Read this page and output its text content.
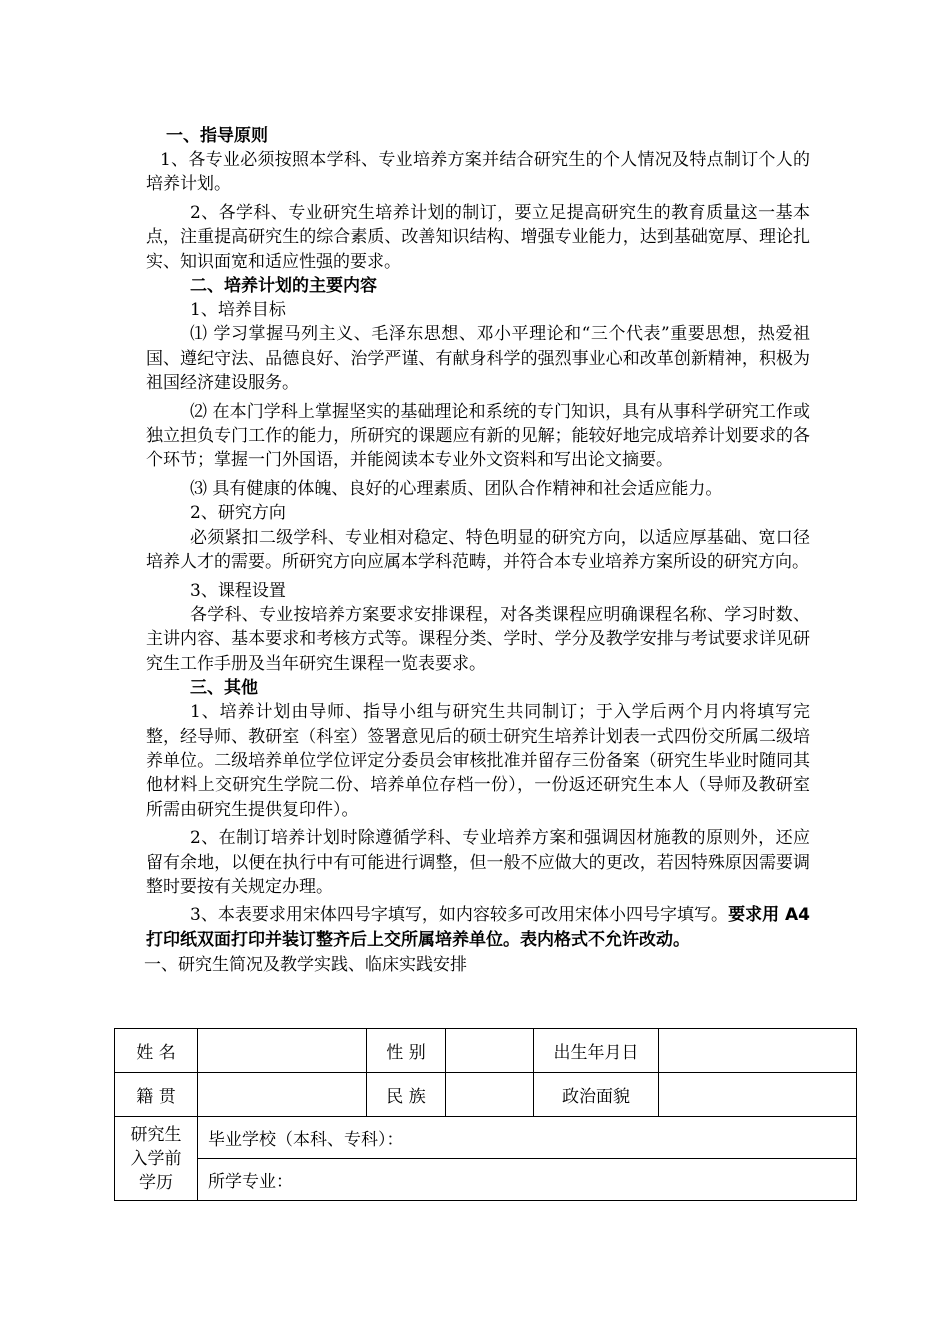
一、指导原则
1、各专业必须按照本学科、专业培养方案并结合研究生的个人情况及特点制订个人的培养计划。
2、各学科、专业研究生培养计划的制订，要立足提高研究生的教育质量这一基本点，注重提高研究生的综合素质、改善知识结构、增强专业能力，达到基础宽厚、理论扎实、知识面宽和适应性强的要求。
二、培养计划的主要内容
1、培养目标
⑴ 学习掌握马列主义、毛泽东思想、邓小平理论和“三个代表”重要思想，热爱祖国、遵纪守法、品德良好、治学严谨、有献身科学的强烈事业心和改革创新精神，积极为祖国经济建设服务。
⑵ 在本门学科上掌握坚实的基础理论和系统的专门知识，具有从事科学研究工作或独立担负专门工作的能力，所研究的课题应有新的见解；能较好地完成培养计划要求的各个环节；掌握一门外国语，并能阅读本专业外文资料和写出论文摘要。
⑶ 具有健康的体魄、良好的心理素质、团队合作精神和社会适应能力。
2、研究方向
必须紧扣二级学科、专业相对稳定、特色明显的研究方向，以适应厚基础、宽口径培养人才的需要。所研究方向应属本学科范畴，并符合本专业培养方案所设的研究方向。
3、课程设置
各学科、专业按培养方案要求安排课程，对各类课程应明确课程名称、学习时数、主讲内容、基本要求和考核方式等。课程分类、学时、学分及教学安排与考试要求详见研究生工作手册及当年研究生课程一览表要求。
三、其他
1、培养计划由导师、指导小组与研究生共同制订；于入学后两个月内将填写完整，经导师、教研室（科室）签署意见后的硕士研究生培养计划表一式四份交所属二级培养单位。二级培养单位学位评定分委员会审核批准并留存三份备案（研究生毕业时随同其他材料上交研究生学院二份、培养单位存档一份），一份返还研究生本人（导师及教研室所需由研究生提供复印件）。
2、在制订培养计划时除遵循学科、专业培养方案和强调因材施教的原则外，还应留有余地，以便在执行中有可能进行调整，但一般不应做大的更改，若因特殊原因需要调整时要按有关规定办理。
3、本表要求用宋体四号字填写，如内容较多可改用宋体小四号字填写。要求用 A4 打印纸双面打印并装订整齐后上交所属培养单位。表内格式不允许改动。
一、研究生简况及教学实践、临床实践安排
姓 名		性 别		出生年月日	
籍 贯		民 族		政治面貌	

研究生
入学前
学历	毕业学校（本科、专科）：				
	所学专业：				
